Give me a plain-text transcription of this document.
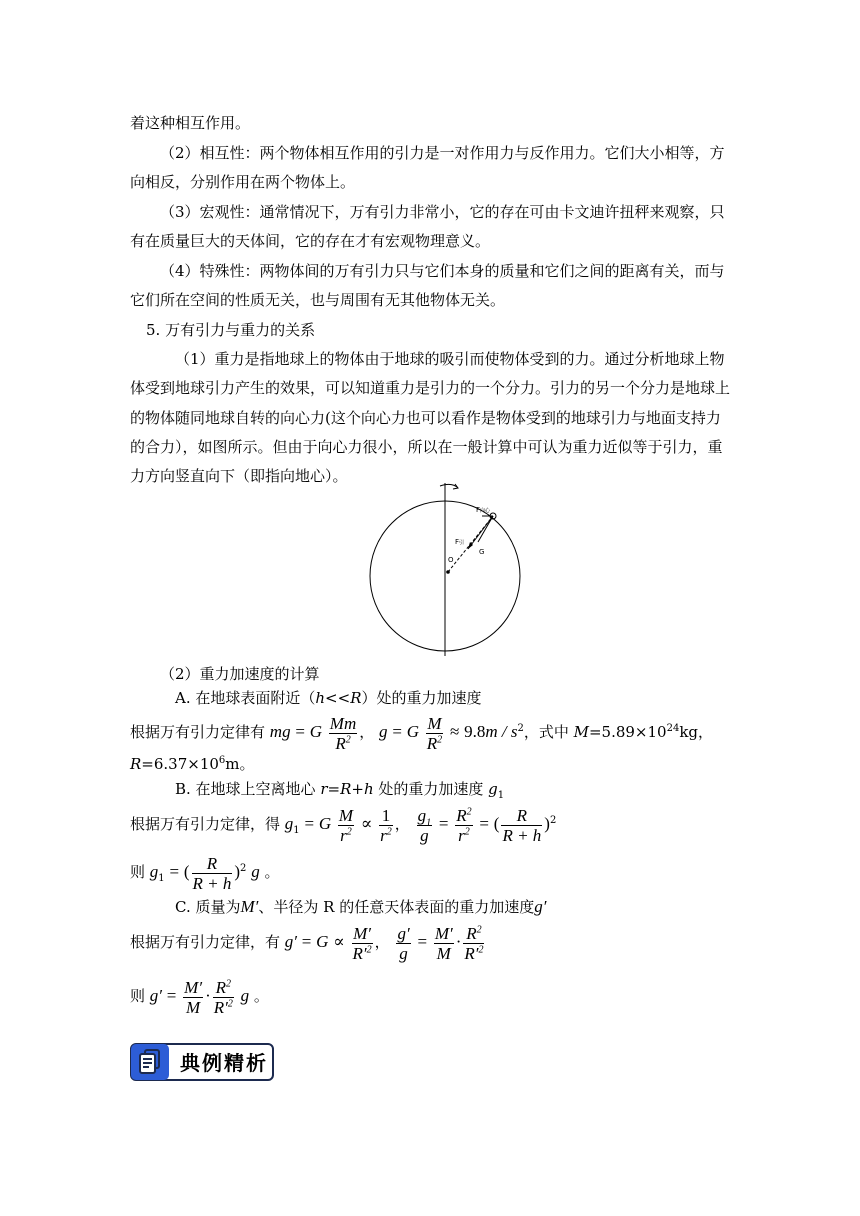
着这种相互作用。
（2）相互性：两个物体相互作用的引力是一对作用力与反作用力。它们大小相等，方
向相反，分别作用在两个物体上。
（3）宏观性：通常情况下，万有引力非常小，它的存在可由卡文迪许扭秤来观察，只
有在质量巨大的天体间，它的存在才有宏观物理意义。
（4）特殊性：两物体间的万有引力只与它们本身的质量和它们之间的距离有关，而与
它们所在空间的性质无关，也与周围有无其他物体无关。
5. 万有引力与重力的关系
（1）重力是指地球上的物体由于地球的吸引而使物体受到的力。通过分析地球上物
体受到地球引力产生的效果，可以知道重力是引力的一个分力。引力的另一个分力是地球上
的物体随同地球自转的向心力(这个向心力也可以看作是物体受到的地球引力与地面支持力
的合力），如图所示。但由于向心力很小，所以在一般计算中可认为重力近似等于引力，重
力方向竖直向下（即指向地心）。
F向心
F引
G
O
（2）重力加速度的计算
A. 在地球表面附近（h<<R）处的重力加速度
根据万有引力定律有 mg = G $\frac{Mm}{R^2}$ ， g = G $\frac{M}{R^2} \approx 9.8m / s^2$，式中 $M=5.89\times 10^{24}kg$，
$R=6.37\times 10^6m$。
B. 在地球上空离地心 r=R+h 处的重力加速度 $g_1$
根据万有引力定律，得 $g_1 = G \frac{M}{r^2} \propto \frac{1}{r^2}$ ， $\frac{g_1}{g} = \frac{R^2}{r^2}$ = ( $\frac{R}{R + h} )^2$
则 $g_1$ = ( $\frac{R}{R + h} )^2$ g 。
C. 质量为M′、半径为 R 的任意天体表面的重力加速度g′
根据万有引力定律，有 $g' = G \propto \frac{M'}{R'^2}$ ， $\frac{g'}{g} = \frac{M'}{M} \cdot \frac{R^2}{R'^2}$
则 $g' = \frac{M'}{M} \cdot \frac{R^2}{R'^2}$ g 。
典例精析
